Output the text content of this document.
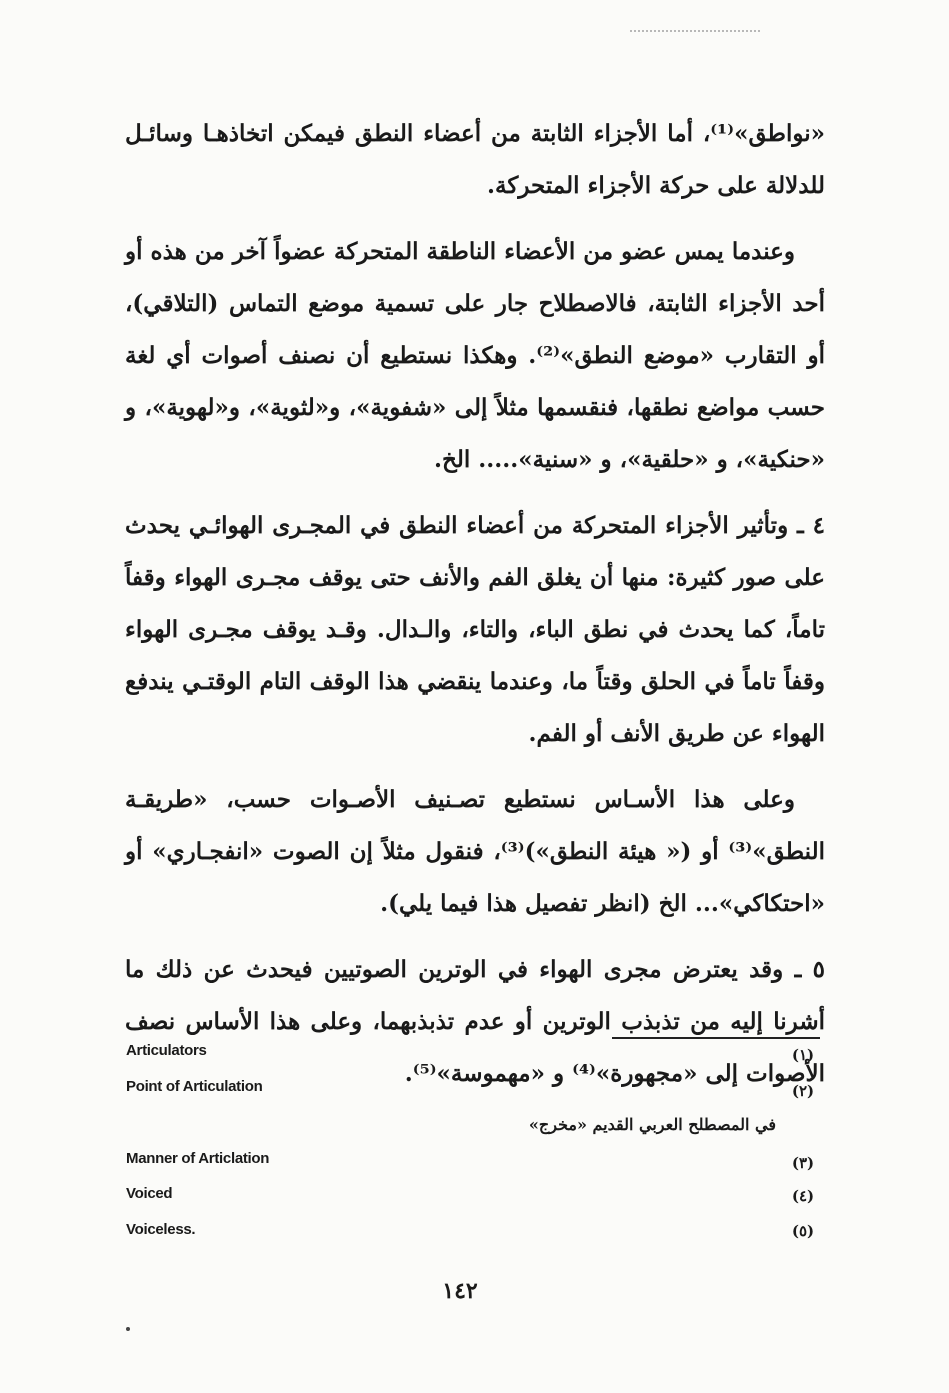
«نواطق»⁽¹⁾، أما الأجزاء الثابتة من أعضاء النطق فيمكن اتخاذهـا وسائـل للدلالة على حركة الأجزاء المتحركة.

وعندما يمس عضو من الأعضاء الناطقة المتحركة عضواً آخر من هذه أو أحد الأجزاء الثابتة، فالاصطلاح جار على تسمية موضع التماس (التلاقي)، أو التقارب «موضع النطق»⁽²⁾. وهكذا نستطيع أن نصنف أصوات أي لغة حسب مواضع نطقها، فنقسمها مثلاً إلى «شفوية»، و«لثوية»، و«لهوية»، و «حنكية»، و «حلقية»، و «سنية»..... الخ.

٤ ـ وتأثير الأجزاء المتحركة من أعضاء النطق في المجـرى الهوائـي يحدث على صور كثيرة: منها أن يغلق الفم والأنف حتى يوقف مجـرى الهواء وقفاً تاماً، كما يحدث في نطق الباء، والتاء، والـدال. وقـد يوقف مجـرى الهواء وقفاً تاماً في الحلق وقتاً ما، وعندما ينقضي هذا الوقف التام الوقتـي يندفع الهواء عن طريق الأنف أو الفم.

وعلى هذا الأسـاس نستطيع تصـنيف الأصـوات حسب، «طريقـة النطق»⁽³⁾ أو (« هيئة النطق»)⁽³⁾، فنقول مثلاً إن الصوت «انفجـاري» أو «احتكاكي»... الخ (انظر تفصيل هذا فيما يلي).

٥ ـ وقد يعترض مجرى الهواء في الوترين الصوتيين فيحدث عن ذلك ما أشرنا إليه من تذبذب الوترين أو عدم تذبذبهما، وعلى هذا الأساس نصف الأصوات إلى «مجهورة»⁽⁴⁾ و «مهموسة»⁽⁵⁾.

Articulators	(١)
Point of Articulation	(٢)
في المصطلح العربي القديم «مخرج»
Manner of Articlation	(٣)
Voiced	(٤)
Voiceless.	(٥)
١٤٢
